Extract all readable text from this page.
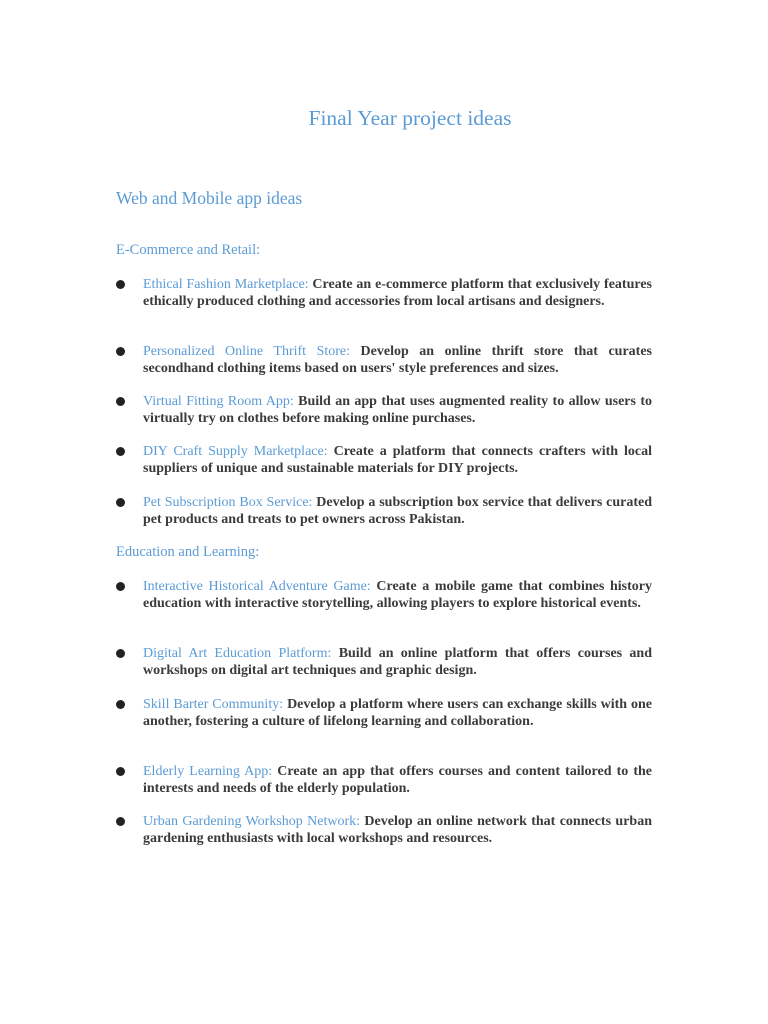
Final Year project ideas
Web and Mobile app ideas
E-Commerce and Retail:

Ethical Fashion Marketplace: Create an e-commerce platform that exclusively features ethically produced clothing and accessories from local artisans and designers.

Personalized Online Thrift Store: Develop an online thrift store that curates secondhand clothing items based on users' style preferences and sizes.

Virtual Fitting Room App: Build an app that uses augmented reality to allow users to virtually try on clothes before making online purchases.

DIY Craft Supply Marketplace: Create a platform that connects crafters with local suppliers of unique and sustainable materials for DIY projects.

Pet Subscription Box Service: Develop a subscription box service that delivers curated pet products and treats to pet owners across Pakistan.

Education and Learning:

Interactive Historical Adventure Game: Create a mobile game that combines history education with interactive storytelling, allowing players to explore historical events.

Digital Art Education Platform: Build an online platform that offers courses and workshops on digital art techniques and graphic design.

Skill Barter Community: Develop a platform where users can exchange skills with one another, fostering a culture of lifelong learning and collaboration.

Elderly Learning App: Create an app that offers courses and content tailored to the interests and needs of the elderly population.

Urban Gardening Workshop Network: Develop an online network that connects urban gardening enthusiasts with local workshops and resources.
